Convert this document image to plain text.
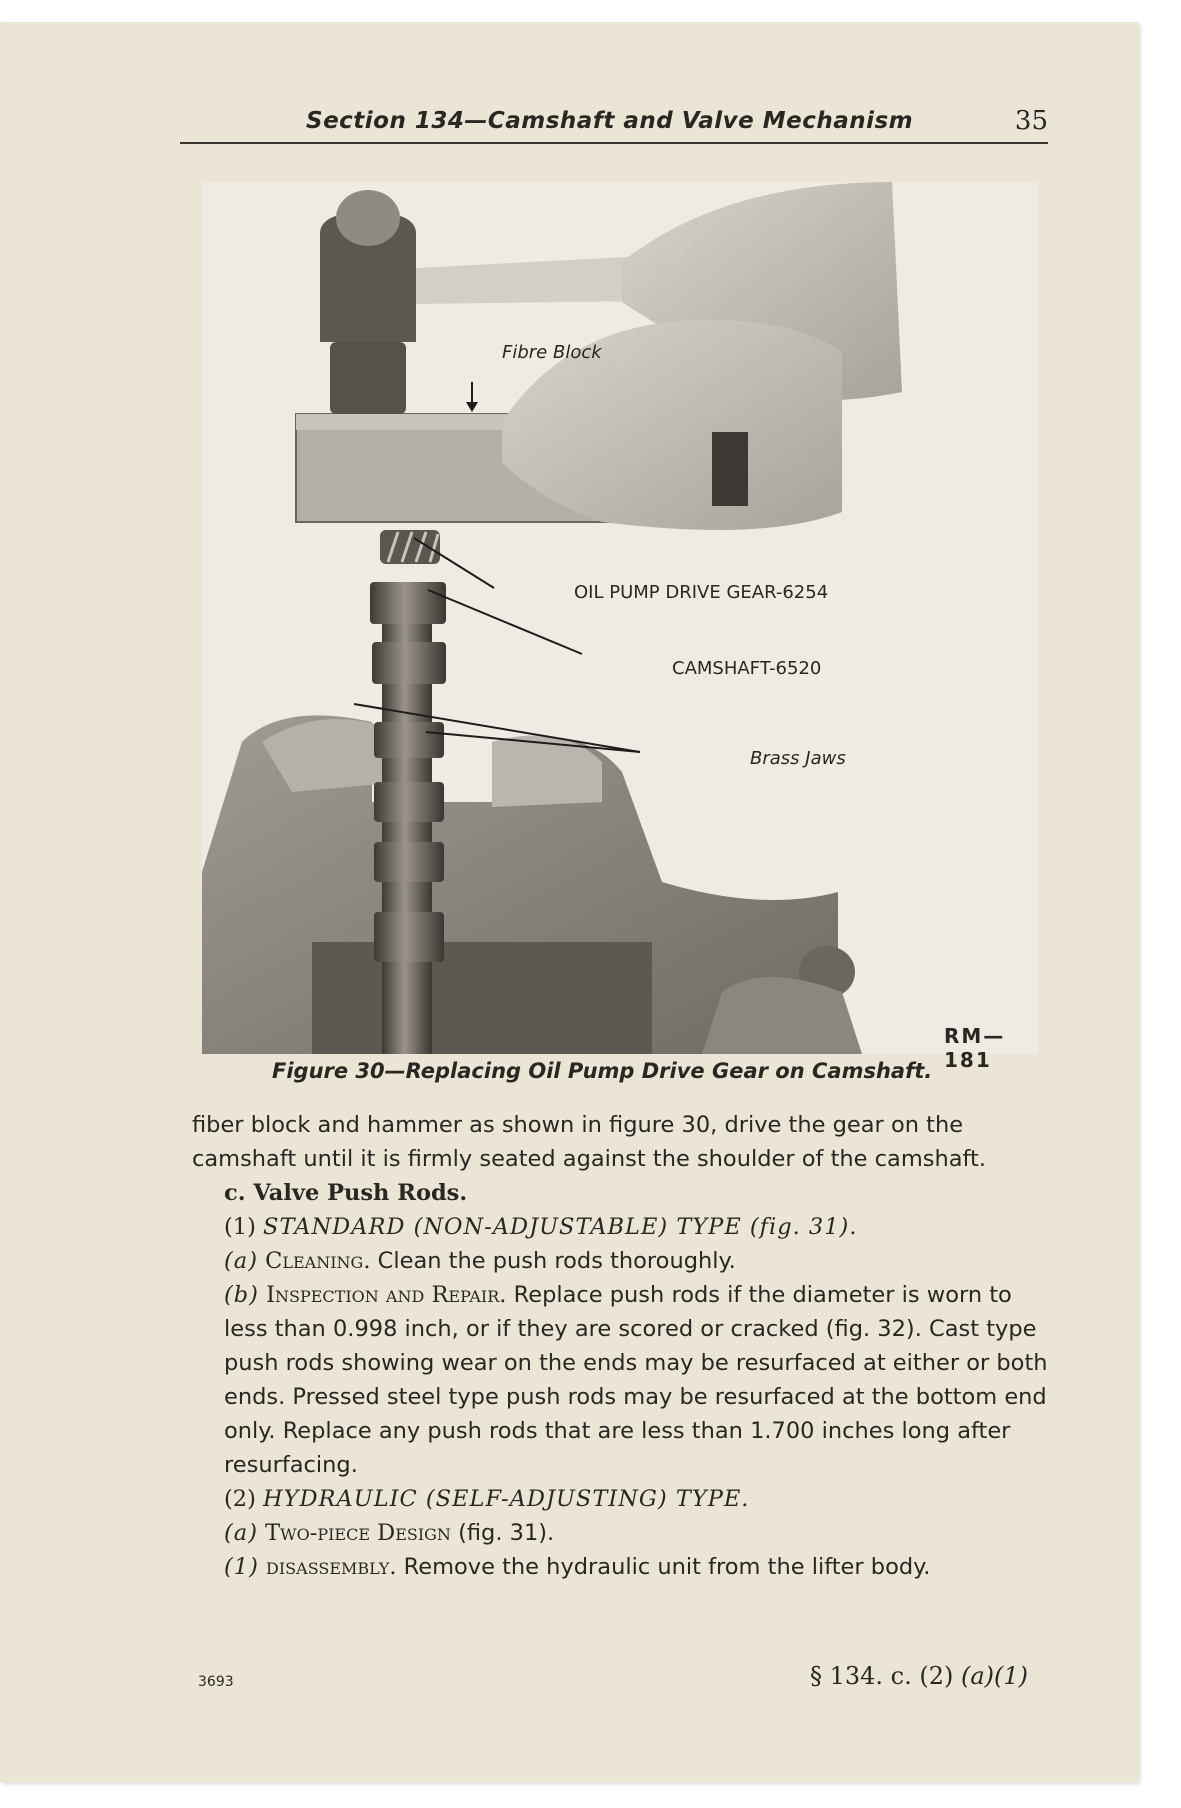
Section 134—Camshaft and Valve Mechanism	35
Fibre Block
OIL PUMP DRIVE GEAR-6254
CAMSHAFT-6520
Brass Jaws
RM—181
Figure 30—Replacing Oil Pump Drive Gear on Camshaft.

fiber block and hammer as shown in figure 30, drive the gear on the camshaft until it is firmly seated against the shoulder of the camshaft.

c. Valve Push Rods.

(1) STANDARD (NON-ADJUSTABLE) TYPE (fig. 31).

(a) Cleaning. Clean the push rods thoroughly.

(b) Inspection and Repair. Replace push rods if the diameter is worn to less than 0.998 inch, or if they are scored or cracked (fig. 32). Cast type push rods showing wear on the ends may be resurfaced at either or both ends. Pressed steel type push rods may be resurfaced at the bottom end only. Replace any push rods that are less than 1.700 inches long after resurfacing.

(2) HYDRAULIC (SELF-ADJUSTING) TYPE.

(a) Two-piece Design (fig. 31).

(1) disassembly. Remove the hydraulic unit from the lifter body.

3693	§ 134. c. (2) (a)(1)
